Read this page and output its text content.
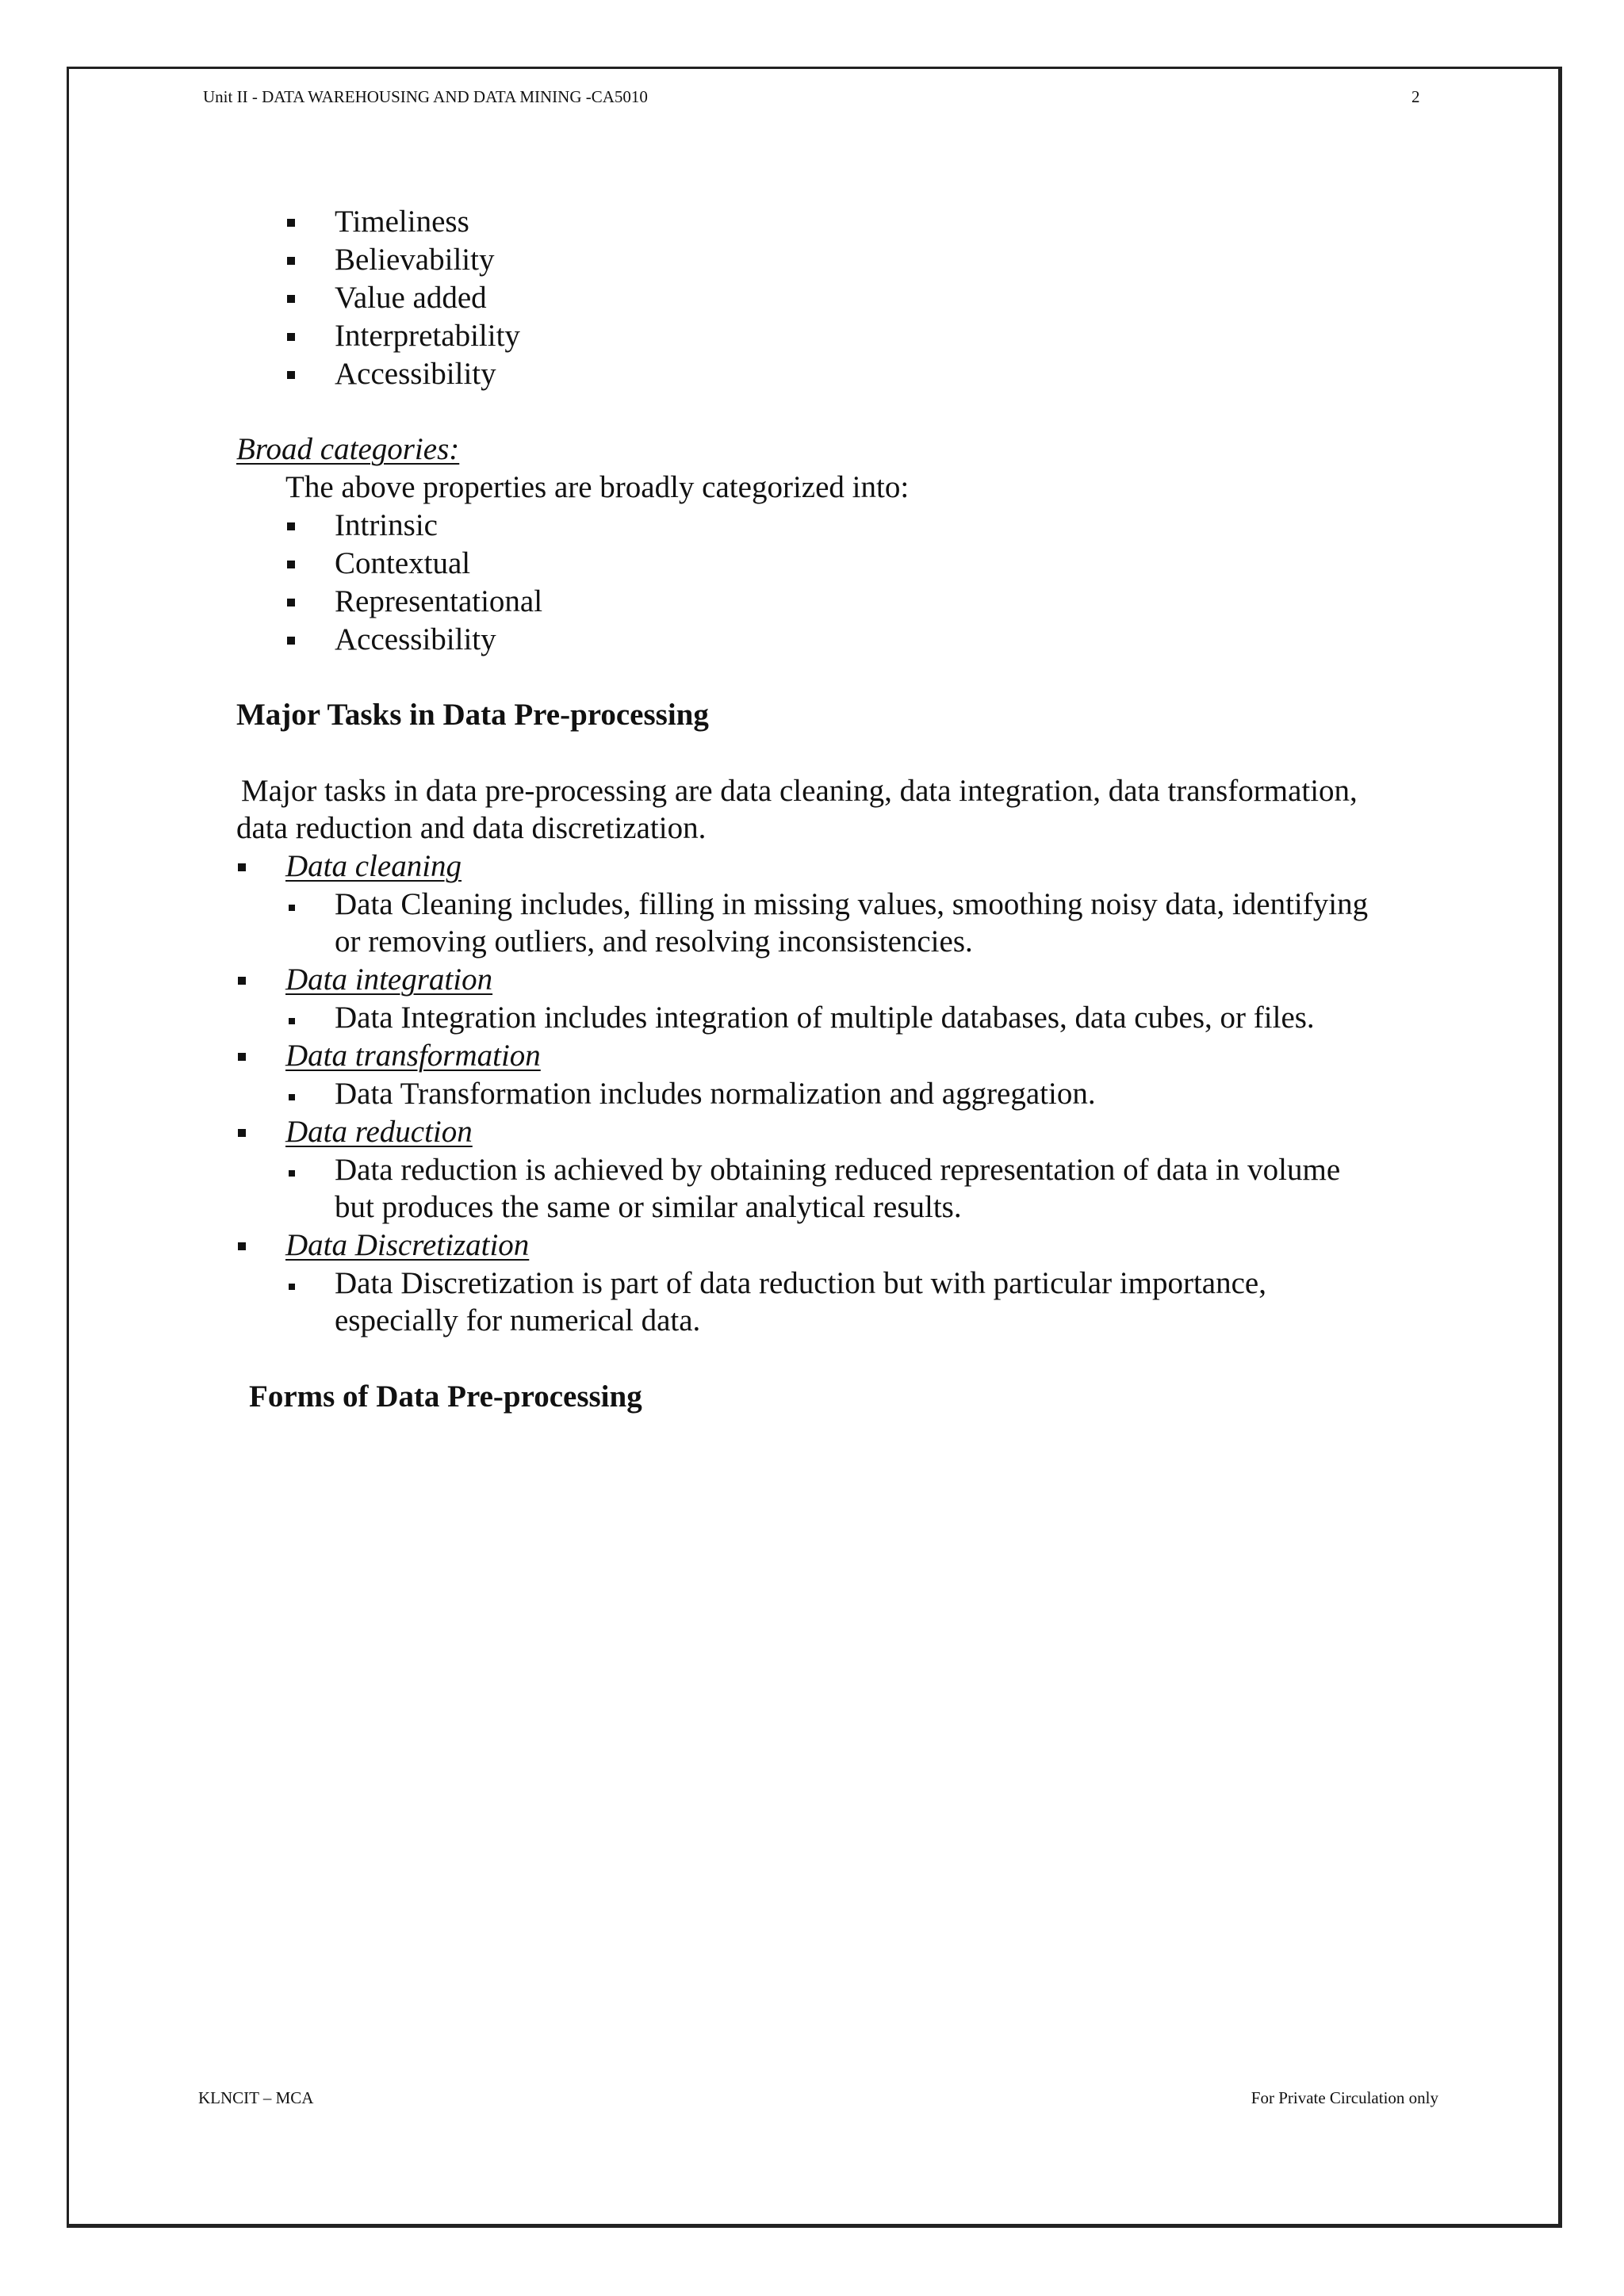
Unit II - DATA WAREHOUSING AND DATA MINING -CA5010	2
Timeliness
Believability
Value added
Interpretability
Accessibility
Broad categories:
The above properties are broadly categorized into:
Intrinsic
Contextual
Representational
Accessibility
Major Tasks in Data Pre-processing
Major tasks in data pre-processing are data cleaning, data integration, data transformation,
data reduction and data discretization.
Data cleaning
Data Cleaning includes, filling in missing values, smoothing noisy data, identifying
or removing outliers, and resolving inconsistencies.
Data integration
Data Integration includes integration of multiple databases, data cubes, or files.
Data transformation
Data Transformation includes normalization and aggregation.
Data reduction
Data reduction is achieved by obtaining reduced representation of data in volume
but produces the same or similar analytical results.
Data Discretization
Data Discretization is part of data reduction but with particular importance,
especially for numerical data.
Forms of Data Pre-processing
KLNCIT – MCA	For Private Circulation only
